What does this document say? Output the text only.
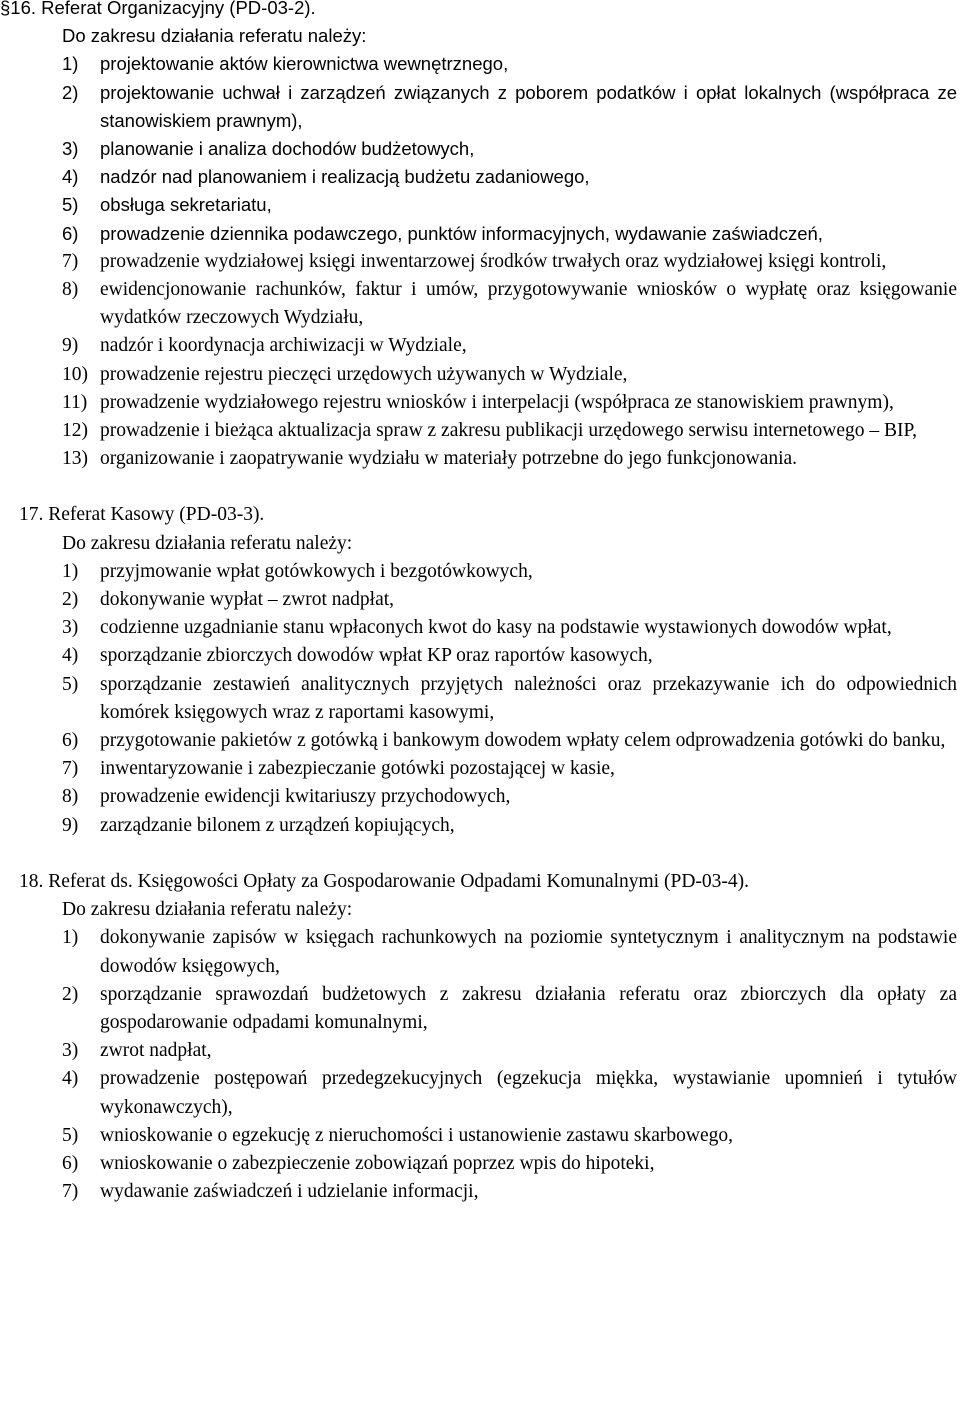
§16. Referat Organizacyjny (PD-03-2).
Do zakresu działania referatu należy:
1)	projektowanie aktów kierownictwa wewnętrznego,
2)	projektowanie uchwał i zarządzeń związanych z poborem podatków i opłat lokalnych (współpraca ze stanowiskiem prawnym),
3)	planowanie i analiza dochodów budżetowych,
4)	nadzór nad planowaniem i realizacją budżetu zadaniowego,
5)	obsługa sekretariatu,
6)	prowadzenie dziennika podawczego, punktów informacyjnych, wydawanie zaświadczeń,
7)	prowadzenie wydziałowej księgi inwentarzowej środków trwałych oraz wydziałowej księgi kontroli,
8)	ewidencjonowanie rachunków, faktur i umów, przygotowywanie wniosków o wypłatę oraz księgowanie wydatków rzeczowych Wydziału,
9)	nadzór i koordynacja archiwizacji w Wydziale,
10) prowadzenie rejestru pieczęci urzędowych używanych w Wydziale,
11) prowadzenie wydziałowego rejestru wniosków i interpelacji (współpraca ze stanowiskiem prawnym),
12) prowadzenie i bieżąca aktualizacja spraw z zakresu publikacji urzędowego serwisu internetowego – BIP,
13) organizowanie i zaopatrywanie wydziału w materiały potrzebne do jego funkcjonowania.
17. Referat Kasowy (PD-03-3).
Do zakresu działania referatu należy:
1)	przyjmowanie wpłat gotówkowych i bezgotówkowych,
2)	dokonywanie wypłat – zwrot nadpłat,
3)	codzienne uzgadnianie stanu wpłaconych kwot do kasy na podstawie wystawionych dowodów wpłat,
4)	sporządzanie zbiorczych dowodów wpłat KP oraz raportów kasowych,
5)	sporządzanie zestawień analitycznych przyjętych należności oraz przekazywanie ich do odpowiednich komórek księgowych wraz z raportami kasowymi,
6)	przygotowanie pakietów z gotówką i bankowym dowodem wpłaty celem odprowadzenia gotówki do banku,
7)	inwentaryzowanie i zabezpieczanie gotówki pozostającej w kasie,
8)	prowadzenie ewidencji kwitariuszy przychodowych,
9)	zarządzanie bilonem z urządzeń kopiujących,
18. Referat ds. Księgowości Opłaty za Gospodarowanie Odpadami Komunalnymi (PD-03-4).
Do zakresu działania referatu należy:
1)	dokonywanie zapisów w księgach rachunkowych na poziomie syntetycznym i analitycznym na podstawie dowodów księgowych,
2)	sporządzanie sprawozdań budżetowych z zakresu działania referatu oraz zbiorczych dla opłaty za gospodarowanie odpadami komunalnymi,
3)	zwrot nadpłat,
4)	prowadzenie postępowań przedegzekucyjnych (egzekucja miękka, wystawianie upomnień i tytułów wykonawczych),
5)	wnioskowanie o egzekucję z nieruchomości i ustanowienie zastawu skarbowego,
6)	wnioskowanie o zabezpieczenie zobowiązań poprzez wpis do hipoteki,
7)	wydawanie zaświadczeń i udzielanie informacji,
